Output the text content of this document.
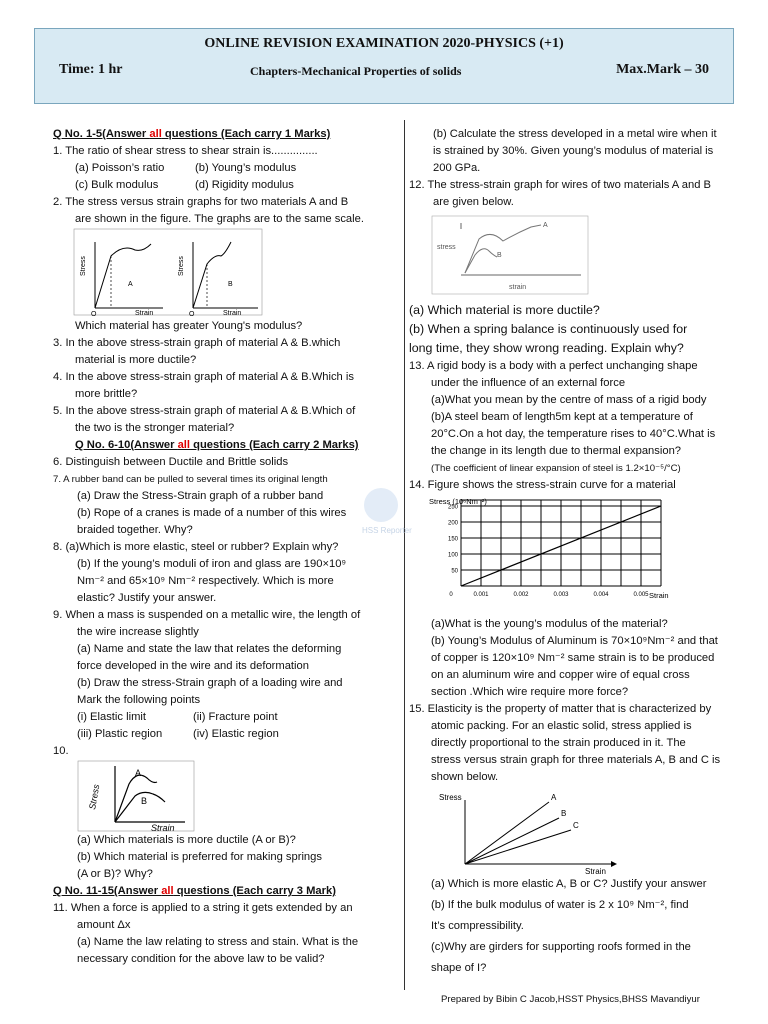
ONLINE REVISION EXAMINATION 2020-PHYSICS (+1)
Time: 1 hr	Chapters-Mechanical Properties of solids	Max.Mark – 30
Q No. 1-5(Answer all questions (Each carry 1 Marks)
1. The ratio of shear stress to shear strain is...............
(a) Poisson’s ratio	(b) Young’s modulus
(c) Bulk modulus	(d) Rigidity modulus
2. The stress versus strain graphs for two materials A and B
are shown in the figure. The graphs are to the same scale.
Stress
A
O	Strain
Stress
B
O	Strain
Which material has greater Young's modulus?
3. In the above stress-strain graph of material A & B.which
material is more ductile?
4. In the above stress-strain graph of material A & B.Which is
more brittle?
5. In the above stress-strain graph of material A & B.Which of
the two is the stronger material?
Q No. 6-10(Answer all questions (Each carry 2 Marks)
6. Distinguish between Ductile and Brittle solids
7. A rubber band can be pulled to several times its original length
(a) Draw the Stress-Strain graph of a rubber band
(b) Rope of a cranes is made of a number of this wires
braided together. Why?
8. (a)Which is more elastic, steel or rubber? Explain why?
(b) If the young’s moduli of iron and glass are 190×10⁹
Nm⁻² and 65×10⁹ Nm⁻² respectively. Which is more
elastic? Justify your answer.
9. When a mass is suspended on a metallic wire, the length of
the wire increase slightly
(a) Name and state the law that relates the deforming
force developed in the wire and its deformation
(b) Draw the stress-Strain graph of a loading wire and
Mark the following points
(i) Elastic limit	(ii) Fracture point
(iii) Plastic region	(iv) Elastic region
10.
Stress
Strain
A
B
(a) Which materials is more ductile (A or B)?
(b) Which material is preferred for making springs
(A or B)? Why?
Q No. 11-15(Answer all questions (Each carry 3 Mark)
11. When a force is applied to a string it gets extended by an
amount Δx
(a) Name the law relating to stress and stain. What is the
necessary condition for the above law to be valid?
(b) Calculate the stress developed in a metal wire when it
is strained by 30%. Given young’s modulus of material is
200 GPa.
12. The stress-strain graph for wires of two materials A and B
are given below.
stress
strain
A
B
(a) Which material is more ductile?
(b) When a spring balance is continuously used for
long time, they show wrong reading. Explain why?
13. A rigid body is a body with a perfect unchanging shape
under the influence of an external force
(a)What you mean by the centre of mass of a rigid body
(b)A steel beam of length5m kept at a temperature of
20°C.On a hot day, the temperature rises to 40°C.What is
the change in its length due to thermal expansion?
(The coefficient of linear expansion of steel is 1.2×10⁻⁵/°C)
14. Figure shows the stress-strain curve for a material
Stress (10⁶Nm⁻²)
Strain
50
100
150
200
250
0	0.001	0.002	0.003	0.004	0.005
(a)What is the young’s modulus of the material?
(b) Young’s Modulus of Aluminum is 70×10⁹Nm⁻² and that
of copper is 120×10⁹ Nm⁻² same strain is to be produced
on an aluminum wire and copper wire of equal cross
section .Which wire require more force?
15. Elasticity is the property of matter that is characterized by
atomic packing. For an elastic solid, stress applied is
directly proportional to the strain produced in it. The
stress versus strain graph for three materials A, B and C is
shown below.
Stress
Strain
A
B
C
(a) Which is more elastic A, B or C? Justify your answer
(b) If the bulk modulus of water is 2 x 10⁹ Nm⁻², find
It’s compressibility.
(c)Why are girders for supporting roofs formed in the
shape of I?
HSS Reporter
Prepared by Bibin C Jacob,HSST Physics,BHSS Mavandiyur
